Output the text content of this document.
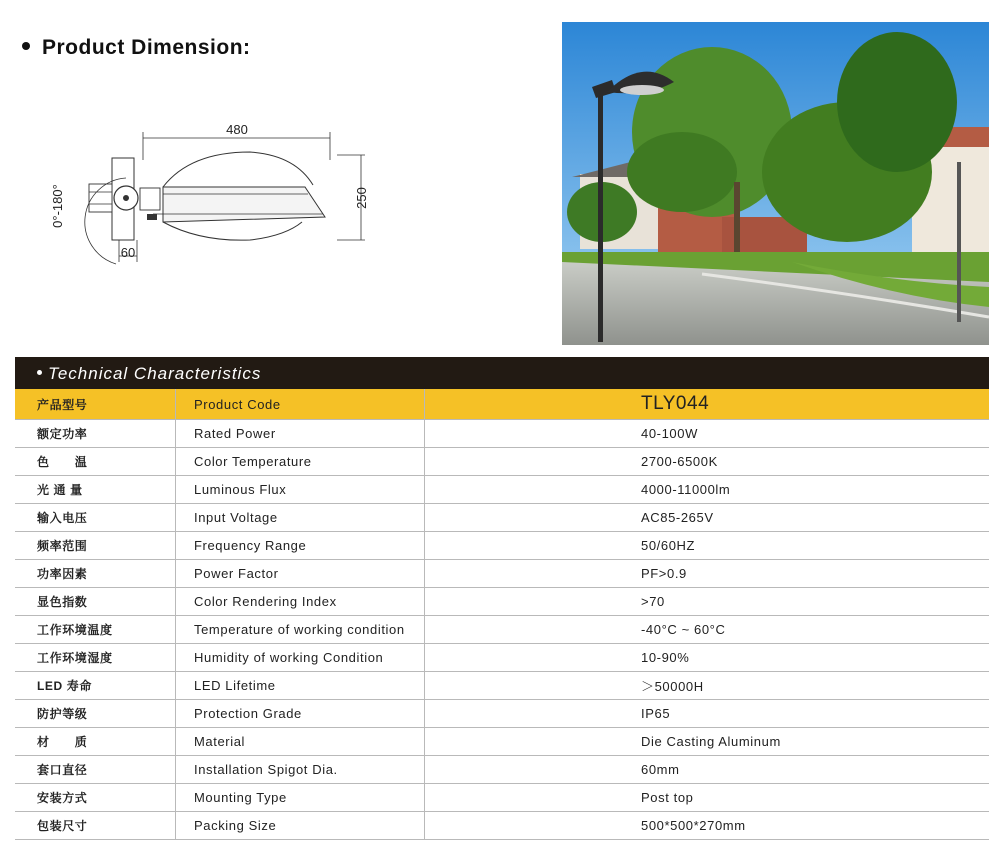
Product Dimension:
480
250
0°-180°
60
Technical Characteristics
产品型号	Product Code	TLY044
额定功率	Rated Power	40-100W
色　　温	Color Temperature	2700-6500K
光 通 量	Luminous Flux	4000-11000lm
输入电压	Input Voltage	AC85-265V
频率范围	Frequency Range	50/60HZ
功率因素	Power Factor	PF>0.9
显色指数	Color Rendering Index	>70
工作环境温度	Temperature of working condition	-40°C ~ 60°C
工作环境湿度	Humidity of working Condition	10-90%
LED 寿命	LED Lifetime	＞50000H
防护等级	Protection Grade	IP65
材　　质	Material	Die Casting Aluminum
套口直径	Installation Spigot Dia.	60mm
安装方式	Mounting Type	Post top
包装尺寸	Packing Size	500*500*270mm
